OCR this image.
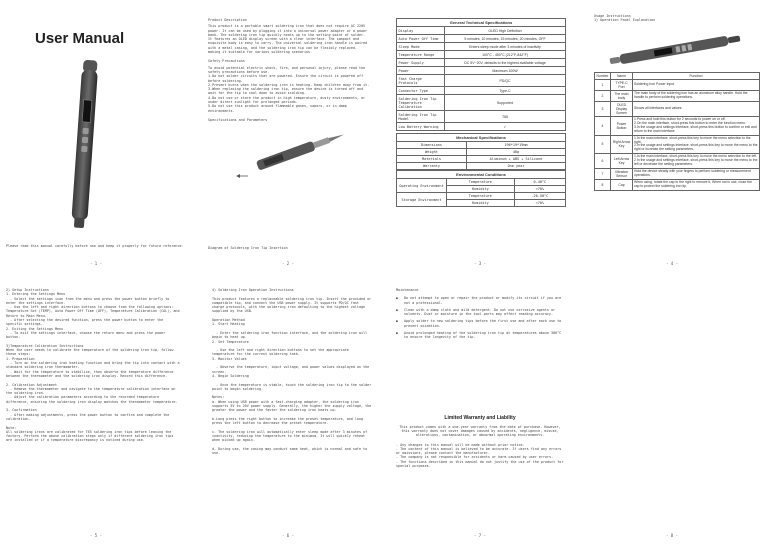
User Manual
Please read this manual carefully before use and keep it properly for future reference.
- 1 -

Product Description

This product is a portable smart soldering iron that does not require AC 220V power. It can be used by plugging it into a universal power adapter or a power bank. The soldering iron tip quickly heats up to the setting point of solder. It features an OLED display screen with a clear interface. The compact and exquisite body is easy to carry. The universal soldering iron handle is paired with a metal casing, and the soldering iron tip can be flexibly replaced, making it suitable for various soldering scenarios.

Safety Precautions

To avoid potential electric shock, fire, and personal injury, please read the safety precautions before use.
1.Do not solder circuits that are powered. Ensure the circuit is powered off before soldering.
2.Prevent burns when the soldering iron is heating. Keep children away from it.
3.When replacing the soldering iron tip, ensure the device is turned off and wait for the tip to cool down to avoid scalding.
4.Do not use or store the product in high temperature, dusty environments, or under direct sunlight for prolonged periods.
5.Do not use this product around flammable gases, vapors, or in damp environments.

Specifications and Parameters

Diagram of Soldering Iron Tip Insertion
- 2 -
General Technical Specifications	
Display	OLED High Definition
Auto Power Off Time	5 minutes, 10 minutes, 15 minutes, 20 minutes, OFF
Sleep Mode	Enters sleep mode after 3 minutes of inactivity
Temperature Range	100°C - 450°C (212°F-842°F)
Power Supply	DC 5V~20V, defaults to the highest available voltage
Power	Maximum 100W
Fast Charge Protocols	PD/QC
Connector Type	Type-C
Soldering Iron Tip Temperature Calibration	Supported
Soldering Iron Tip Model	T65
Low Battery Warning	✓
Mechanical Specifications	
Dimensions	196*19*19mm
Weight	40g
Materials	Aluminum + ABS + Silicone
Warranty	One year
Environmental Conditions		
Operating Environment	Temperature	0-40°C
	Humidity	<70%
Storage Environment	Temperature	-20-50°C
	Humidity	<70%
- 3 -

Usage Instructions

1) Operation Panel Explanation

Number	Name	Function
1	TYPE-C Port	Soldering Iron Power Input
2	The main body	The main body of the soldering iron has an aluminum alloy handle. Hold the handle to perform soldering operations.
3	OLED Display Screen	Shows all interfaces and values.
4	Power Button	1.Press and hold this button for 2 seconds to power on or off.
2.On the main interface, short-press this button to enter the function menu.
3.In the usage and settings interface, short-press this button to confirm or exit and return to the main interface.
5	Right Arrow Key	1.In the main interface, short-press this key to move the menu selection to the right.
2.In the usage and settings interface, short-press this key to move the menu to the right or increase the setting parameters.
6	Left Arrow Key	1.In the main interface, short-press this key to move the menu selection to the left.
2.In the usage and settings interface, short-press this key to move the menu to the left or decrease the setting parameters.
7	Vibration Sensor	Hold the device steady with your fingers to perform soldering or measurement operations.
8	Cap	When using, rotate the cap to the right to remove it. When not in use, close the cap to protect the soldering iron tip.
- 4 -

2) Setup Instructions
1. Entering the Settings Menu
- Select the settings icon from the menu and press the power button briefly to enter the settings interface.
- Use the left and right direction buttons to choose from the following options: Temperature Set (TEMP), Auto Power Off Time (OFF), Temperature Calibration (CAL), and Return to Main Menu.
- After selecting the desired function, press the power button to enter the specific settings.
2. Exiting the Settings Menu
- To exit the settings interface, choose the return menu and press the power button.

3)Temperature Calibration Instructions
When the user needs to calibrate the temperature of the soldering iron tip, follow these steps:
1. Preparation
- Turn on the soldering iron heating function and bring the tip into contact with a standard soldering iron thermometer.
- Wait for the temperature to stabilize, then observe the temperature difference between the thermometer and the soldering iron display. Record this difference.

2. Calibration Adjustment
- Remove the thermometer and navigate to the temperature calibration interface on the soldering iron.
- Adjust the calibration parameters according to the recorded temperature difference, ensuring the soldering iron display matches the thermometer temperature.

3. Confirmation
- After making adjustments, press the power button to confirm and complete the calibration.

Note:
All soldering irons are calibrated for T65 soldering iron tips before leaving the factory. Perform the above calibration steps only if different soldering iron tips are installed or if a temperature discrepancy is noticed during use.

- 5 -

4) Soldering Iron Operation Instructions

This product features a replaceable soldering iron tip. Insert the provided or compatible tip, and connect the USB power supply. It supports PD/QC fast charge protocols, with the soldering iron defaulting to the highest voltage supplied by the USB.

Operation Method
1. Start Heating

- Enter the soldering iron function interface, and the soldering iron will begin to heat up.
2. Set Temperature

- Use the left and right direction buttons to set the appropriate temperature for the current soldering task.
3. Monitor Values

- Observe the temperature, input voltage, and power values displayed on the screen.
4. Begin Soldering

- Once the temperature is stable, touch the soldering iron tip to the solder point to begin soldering.

Notes:
a. When using USB power with a fast-charging adapter, the soldering iron supports 5V to 20V power supply. Generally, the higher the supply voltage, the greater the power and the faster the soldering iron heats up.

b.Long press the right button to increase the preset temperature, and long press the left button to decrease the preset temperature.

c. The soldering iron will automatically enter sleep mode after 3 minutes of inactivity, reducing the temperature to the minimum. It will quickly reheat when picked up again.

d. During use, the casing may conduct some heat, which is normal and safe to use.

- 6 -

Maintenance

● Do not attempt to open or repair the product or modify its circuit if you are not a professional.
● Clean with a damp cloth and mild detergent. Do not use corrosive agents or solvents. Dust or moisture in the tool parts may affect reading accuracy.
● Apply solder to new soldering tips before the first use and after each use to prevent oxidation.
● Avoid prolonged heating of the soldering iron tip at temperatures above 380°C to ensure the longevity of the tip.
Limited Warranty and Liability

This product comes with a one-year warranty from the date of purchase. However, this warranty does not cover damages caused by accidents, negligence, misuse, alterations, contamination, or abnormal operating environments.

- Any changes to this manual will be made without prior notice.
- The content of this manual is believed to be accurate. If users find any errors or omissions, please contact the manufacturer.
- The company is not responsible for accidents or harm caused by user errors.
- The functions described in this manual do not justify the use of the product for special purposes.

- 7 -	- 8 -
